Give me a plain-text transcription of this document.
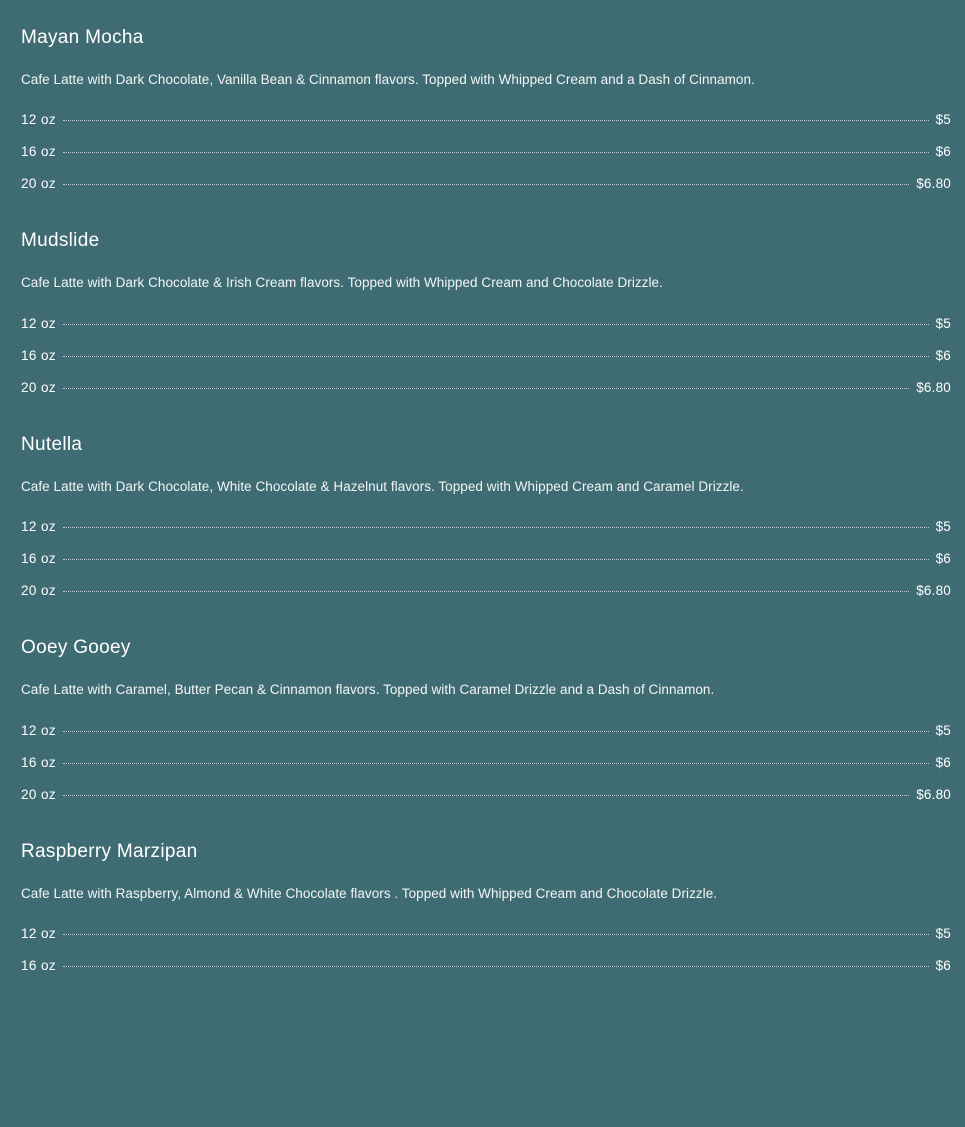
Mayan Mocha

Cafe Latte with Dark Chocolate, Vanilla Bean & Cinnamon flavors. Topped with Whipped Cream and a Dash of Cinnamon.

12 oz	$5
16 oz	$6
20 oz	$6.80
Mudslide

Cafe Latte with Dark Chocolate & Irish Cream flavors. Topped with Whipped Cream and Chocolate Drizzle.

12 oz	$5
16 oz	$6
20 oz	$6.80
Nutella

Cafe Latte with Dark Chocolate, White Chocolate & Hazelnut flavors. Topped with Whipped Cream and Caramel Drizzle.

12 oz	$5
16 oz	$6
20 oz	$6.80
Ooey Gooey

Cafe Latte with Caramel, Butter Pecan & Cinnamon flavors. Topped with Caramel Drizzle and a Dash of Cinnamon.

12 oz	$5
16 oz	$6
20 oz	$6.80
Raspberry Marzipan

Cafe Latte with Raspberry, Almond & White Chocolate flavors . Topped with Whipped Cream and Chocolate Drizzle.

12 oz	$5
16 oz	$6
